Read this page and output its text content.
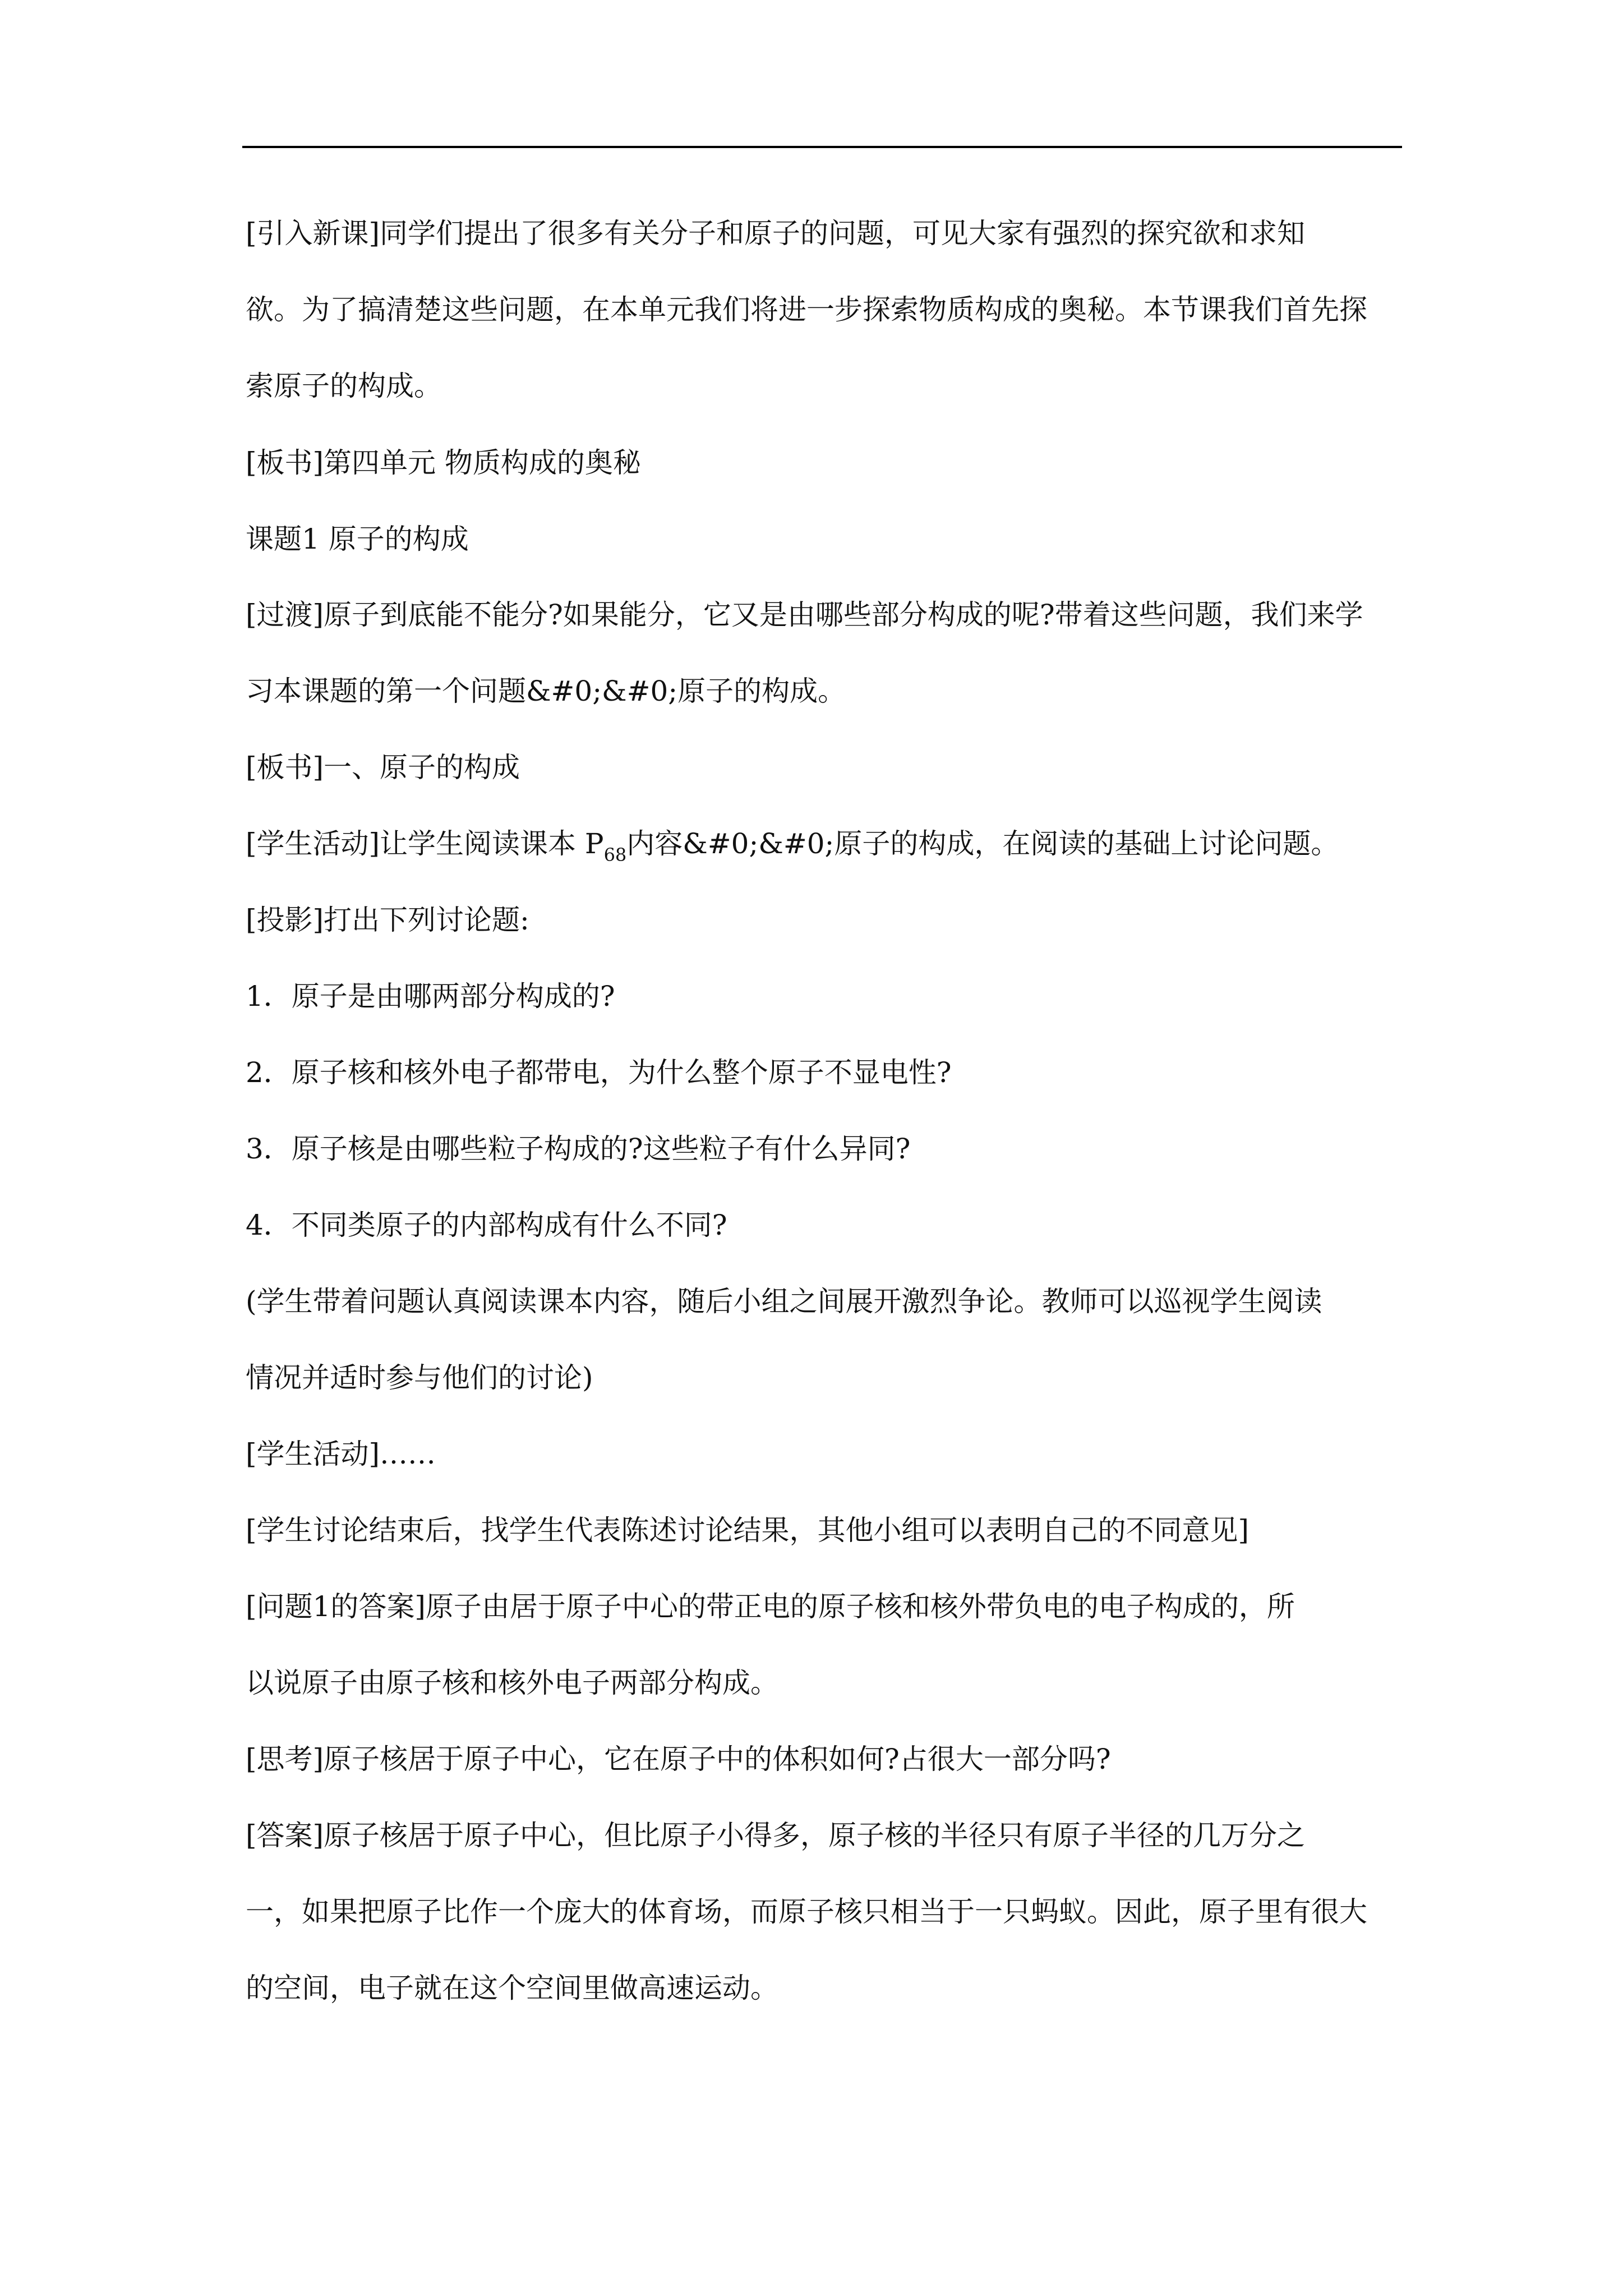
[引入新课]同学们提出了很多有关分子和原子的问题，可见大家有强烈的探究欲和求知

欲。为了搞清楚这些问题，在本单元我们将进一步探索物质构成的奥秘。本节课我们首先探

索原子的构成。

[板书]第四单元 物质构成的奥秘

课题1 原子的构成

[过渡]原子到底能不能分?如果能分，它又是由哪些部分构成的呢?带着这些问题，我们来学

习本课题的第一个问题&#0;&#0;原子的构成。

[板书]一、原子的构成

[学生活动]让学生阅读课本 $P_{68}$内容&#0;&#0;原子的构成，在阅读的基础上讨论问题。

[投影]打出下列讨论题:

1．原子是由哪两部分构成的?

2．原子核和核外电子都带电，为什么整个原子不显电性?

3．原子核是由哪些粒子构成的?这些粒子有什么异同?

4．不同类原子的内部构成有什么不同?

(学生带着问题认真阅读课本内容，随后小组之间展开激烈争论。教师可以巡视学生阅读

情况并适时参与他们的讨论)

[学生活动]……

[学生讨论结束后，找学生代表陈述讨论结果，其他小组可以表明自己的不同意见]

[问题1的答案]原子由居于原子中心的带正电的原子核和核外带负电的电子构成的，所

以说原子由原子核和核外电子两部分构成。

[思考]原子核居于原子中心，它在原子中的体积如何?占很大一部分吗?

[答案]原子核居于原子中心，但比原子小得多，原子核的半径只有原子半径的几万分之

一，如果把原子比作一个庞大的体育场，而原子核只相当于一只蚂蚁。因此，原子里有很大

的空间，电子就在这个空间里做高速运动。
